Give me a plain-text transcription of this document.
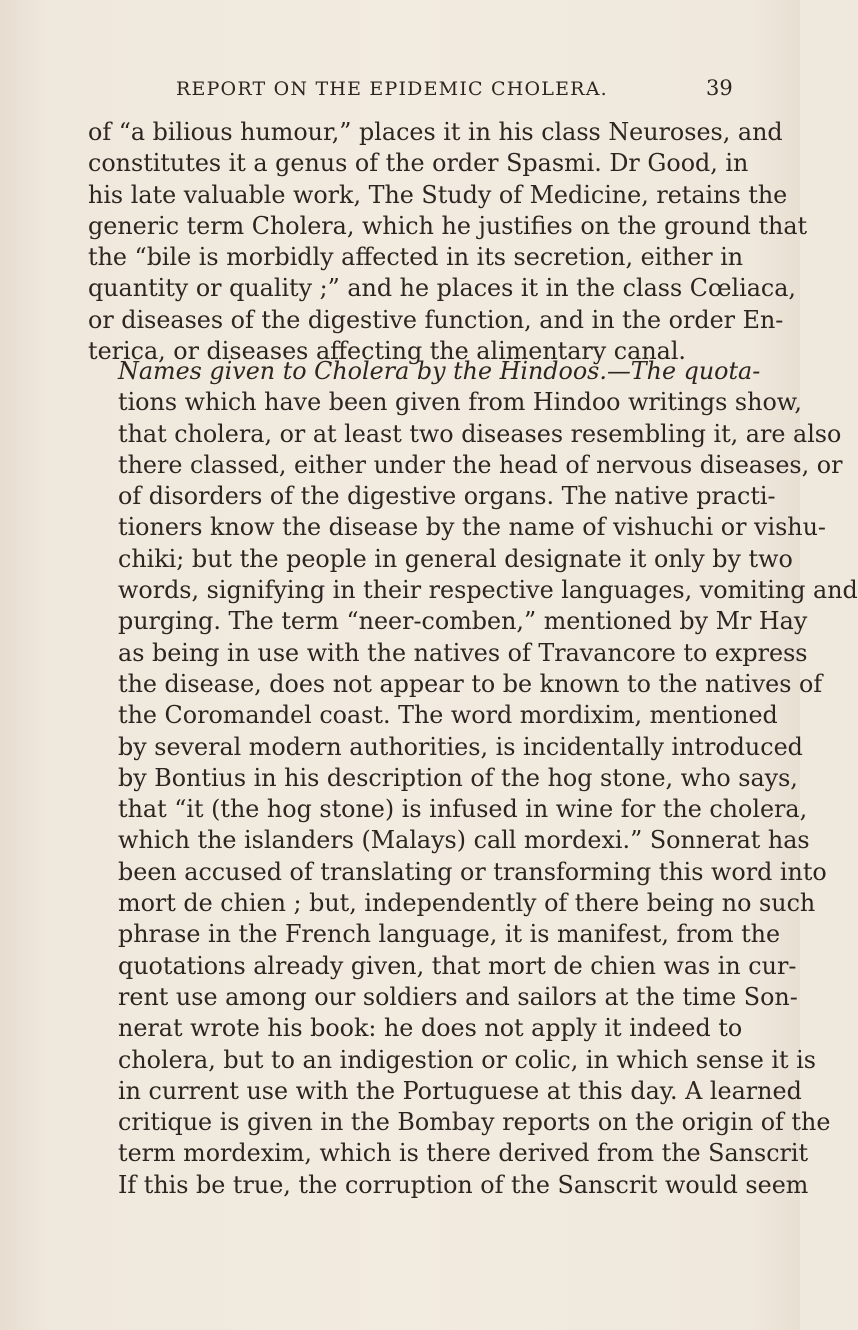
REPORT ON THE EPIDEMIC CHOLERA.	39
of “a bilious humour,” places it in his class Neuroses, and
constitutes it a genus of the order Spasmi. Dr Good, in
his late valuable work, The Study of Medicine, retains the
generic term Cholera, which he justifies on the ground that
the “bile is morbidly affected in its secretion, either in
quantity or quality ;” and he places it in the class Cœliaca,
or diseases of the digestive function, and in the order En-
terica, or diseases affecting the alimentary canal.
Names given to Cholera by the Hindoos.—The quota-
tions which have been given from Hindoo writings show,
that cholera, or at least two diseases resembling it, are also
there classed, either under the head of nervous diseases, or
of disorders of the digestive organs. The native practi-
tioners know the disease by the name of vishuchi or vishu-
chiki; but the people in general designate it only by two
words, signifying in their respective languages, vomiting and
purging. The term “neer-comben,” mentioned by Mr Hay
as being in use with the natives of Travancore to express
the disease, does not appear to be known to the natives of
the Coromandel coast. The word mordixim, mentioned
by several modern authorities, is incidentally introduced
by Bontius in his description of the hog stone, who says,
that “it (the hog stone) is infused in wine for the cholera,
which the islanders (Malays) call mordexi.” Sonnerat has
been accused of translating or transforming this word into
mort de chien ; but, independently of there being no such
phrase in the French language, it is manifest, from the
quotations already given, that mort de chien was in cur-
rent use among our soldiers and sailors at the time Son-
nerat wrote his book: he does not apply it indeed to
cholera, but to an indigestion or colic, in which sense it is
in current use with the Portuguese at this day. A learned
critique is given in the Bombay reports on the origin of the
term mordexim, which is there derived from the Sanscrit
If this be true, the corruption of the Sanscrit would seem
